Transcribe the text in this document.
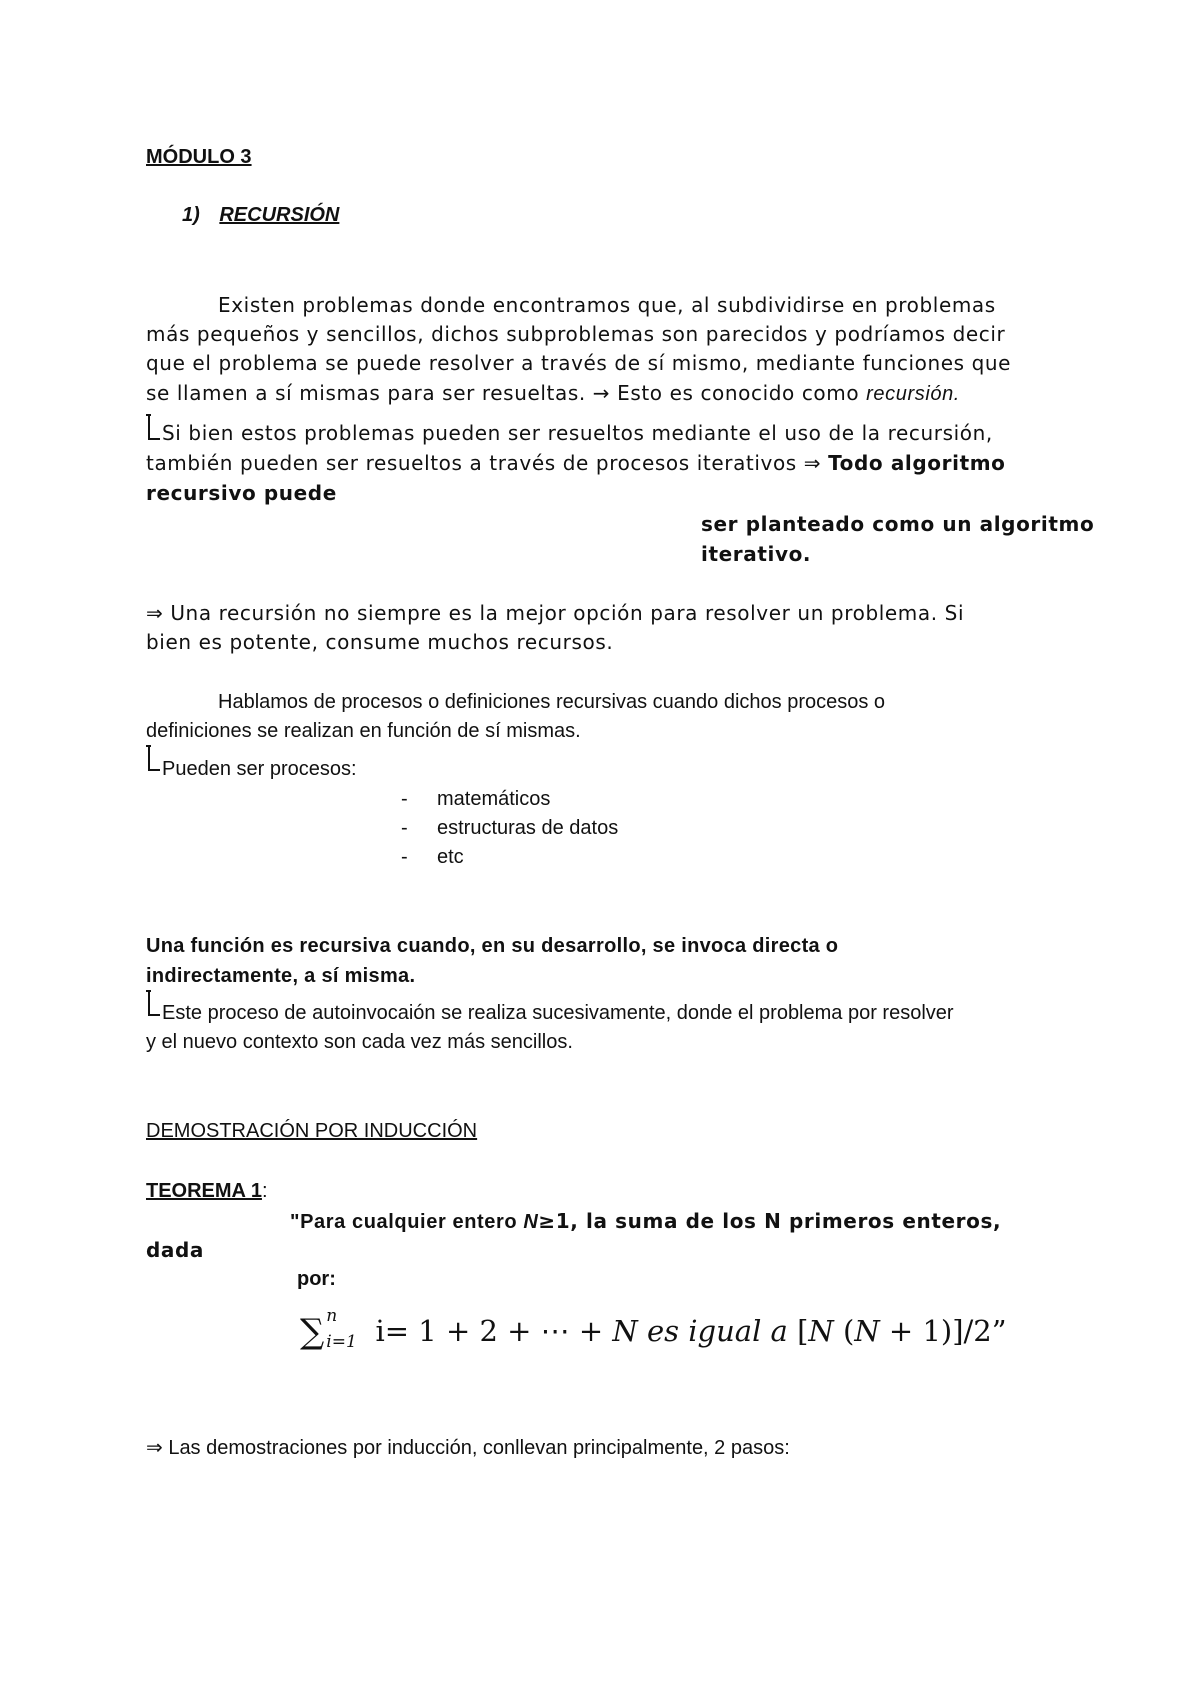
MÓDULO 3
1) RECURSIÓN
Existen problemas donde encontramos que, al subdividirse en problemas
más pequeños y sencillos, dichos subproblemas son parecidos y podríamos decir
que el problema se puede resolver a través de sí mismo, mediante funciones que
se llamen a sí mismas para ser resueltas. → Esto es conocido como recursión.
Si bien estos problemas pueden ser resueltos mediante el uso de la recursión,
también pueden ser resueltos a través de procesos iterativos ⇒ Todo algoritmo
recursivo puede
ser planteado como un algoritmo
iterativo.
⇒ Una recursión no siempre es la mejor opción para resolver un problema. Si
bien es potente, consume muchos recursos.
Hablamos de procesos o definiciones recursivas cuando dichos procesos o
definiciones se realizan en función de sí mismas.
Pueden ser procesos:
- matemáticos
- estructuras de datos
- etc
Una función es recursiva cuando, en su desarrollo, se invoca directa o
indirectamente, a sí misma.
Este proceso de autoinvocaión se realiza sucesivamente, donde el problema por resolver
y el nuevo contexto son cada vez más sencillos.
DEMOSTRACIÓN POR INDUCCIÓN
TEOREMA 1:
"Para cualquier entero N≥1, la suma de los N primeros enteros,
dada
por:
∑ n
i=1 i= 1 + 2 + ⋯ + N es igual a [N (N + 1)]/2”
⇒ Las demostraciones por inducción, conllevan principalmente, 2 pasos:
